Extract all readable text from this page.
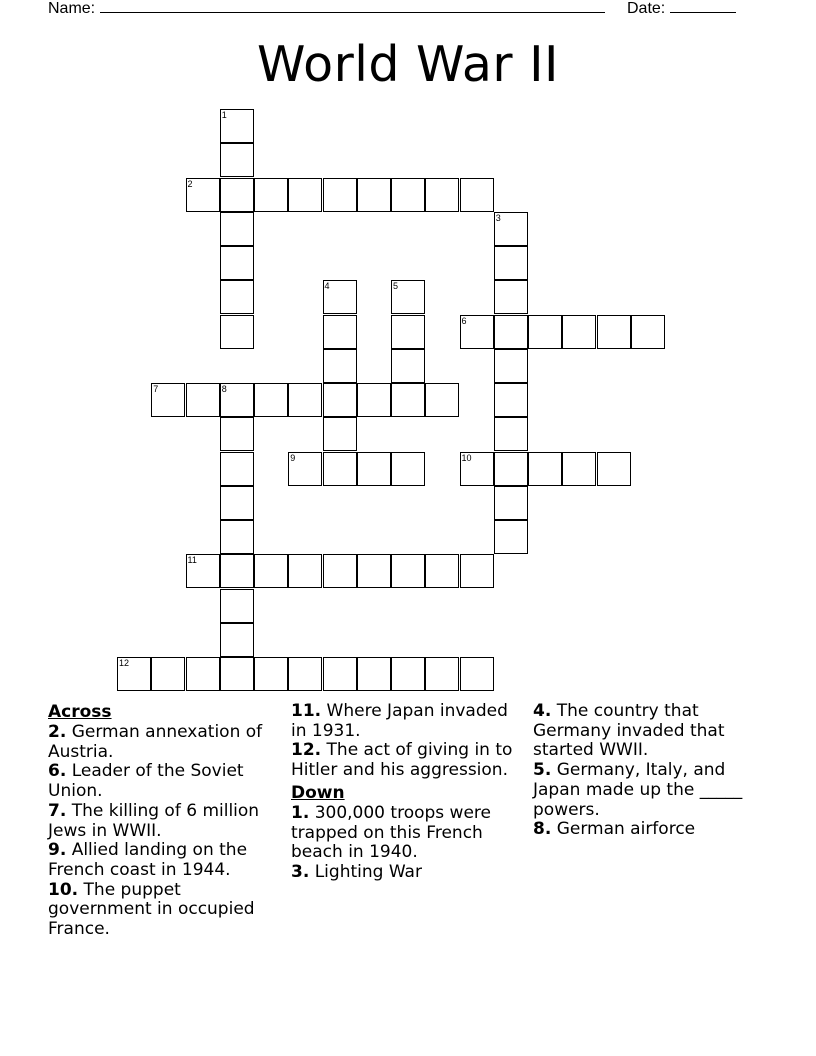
Name:	Date:
World War II
1
2
3
4	5
6
7	8
9	10
11
12
Across

2. German annexation of Austria.

6. Leader of the Soviet Union.

7. The killing of 6 million Jews in WWII.

9. Allied landing on the French coast in 1944.

10. The puppet government in occupied France.

11. Where Japan invaded in 1931.

12. The act of giving in to Hitler and his aggression.

Down

1. 300,000 troops were trapped on this French beach in 1940.

3. Lighting War

4. The country that Germany invaded that started WWII.

5. Germany, Italy, and Japan made up the _____ powers.

8. German airforce
